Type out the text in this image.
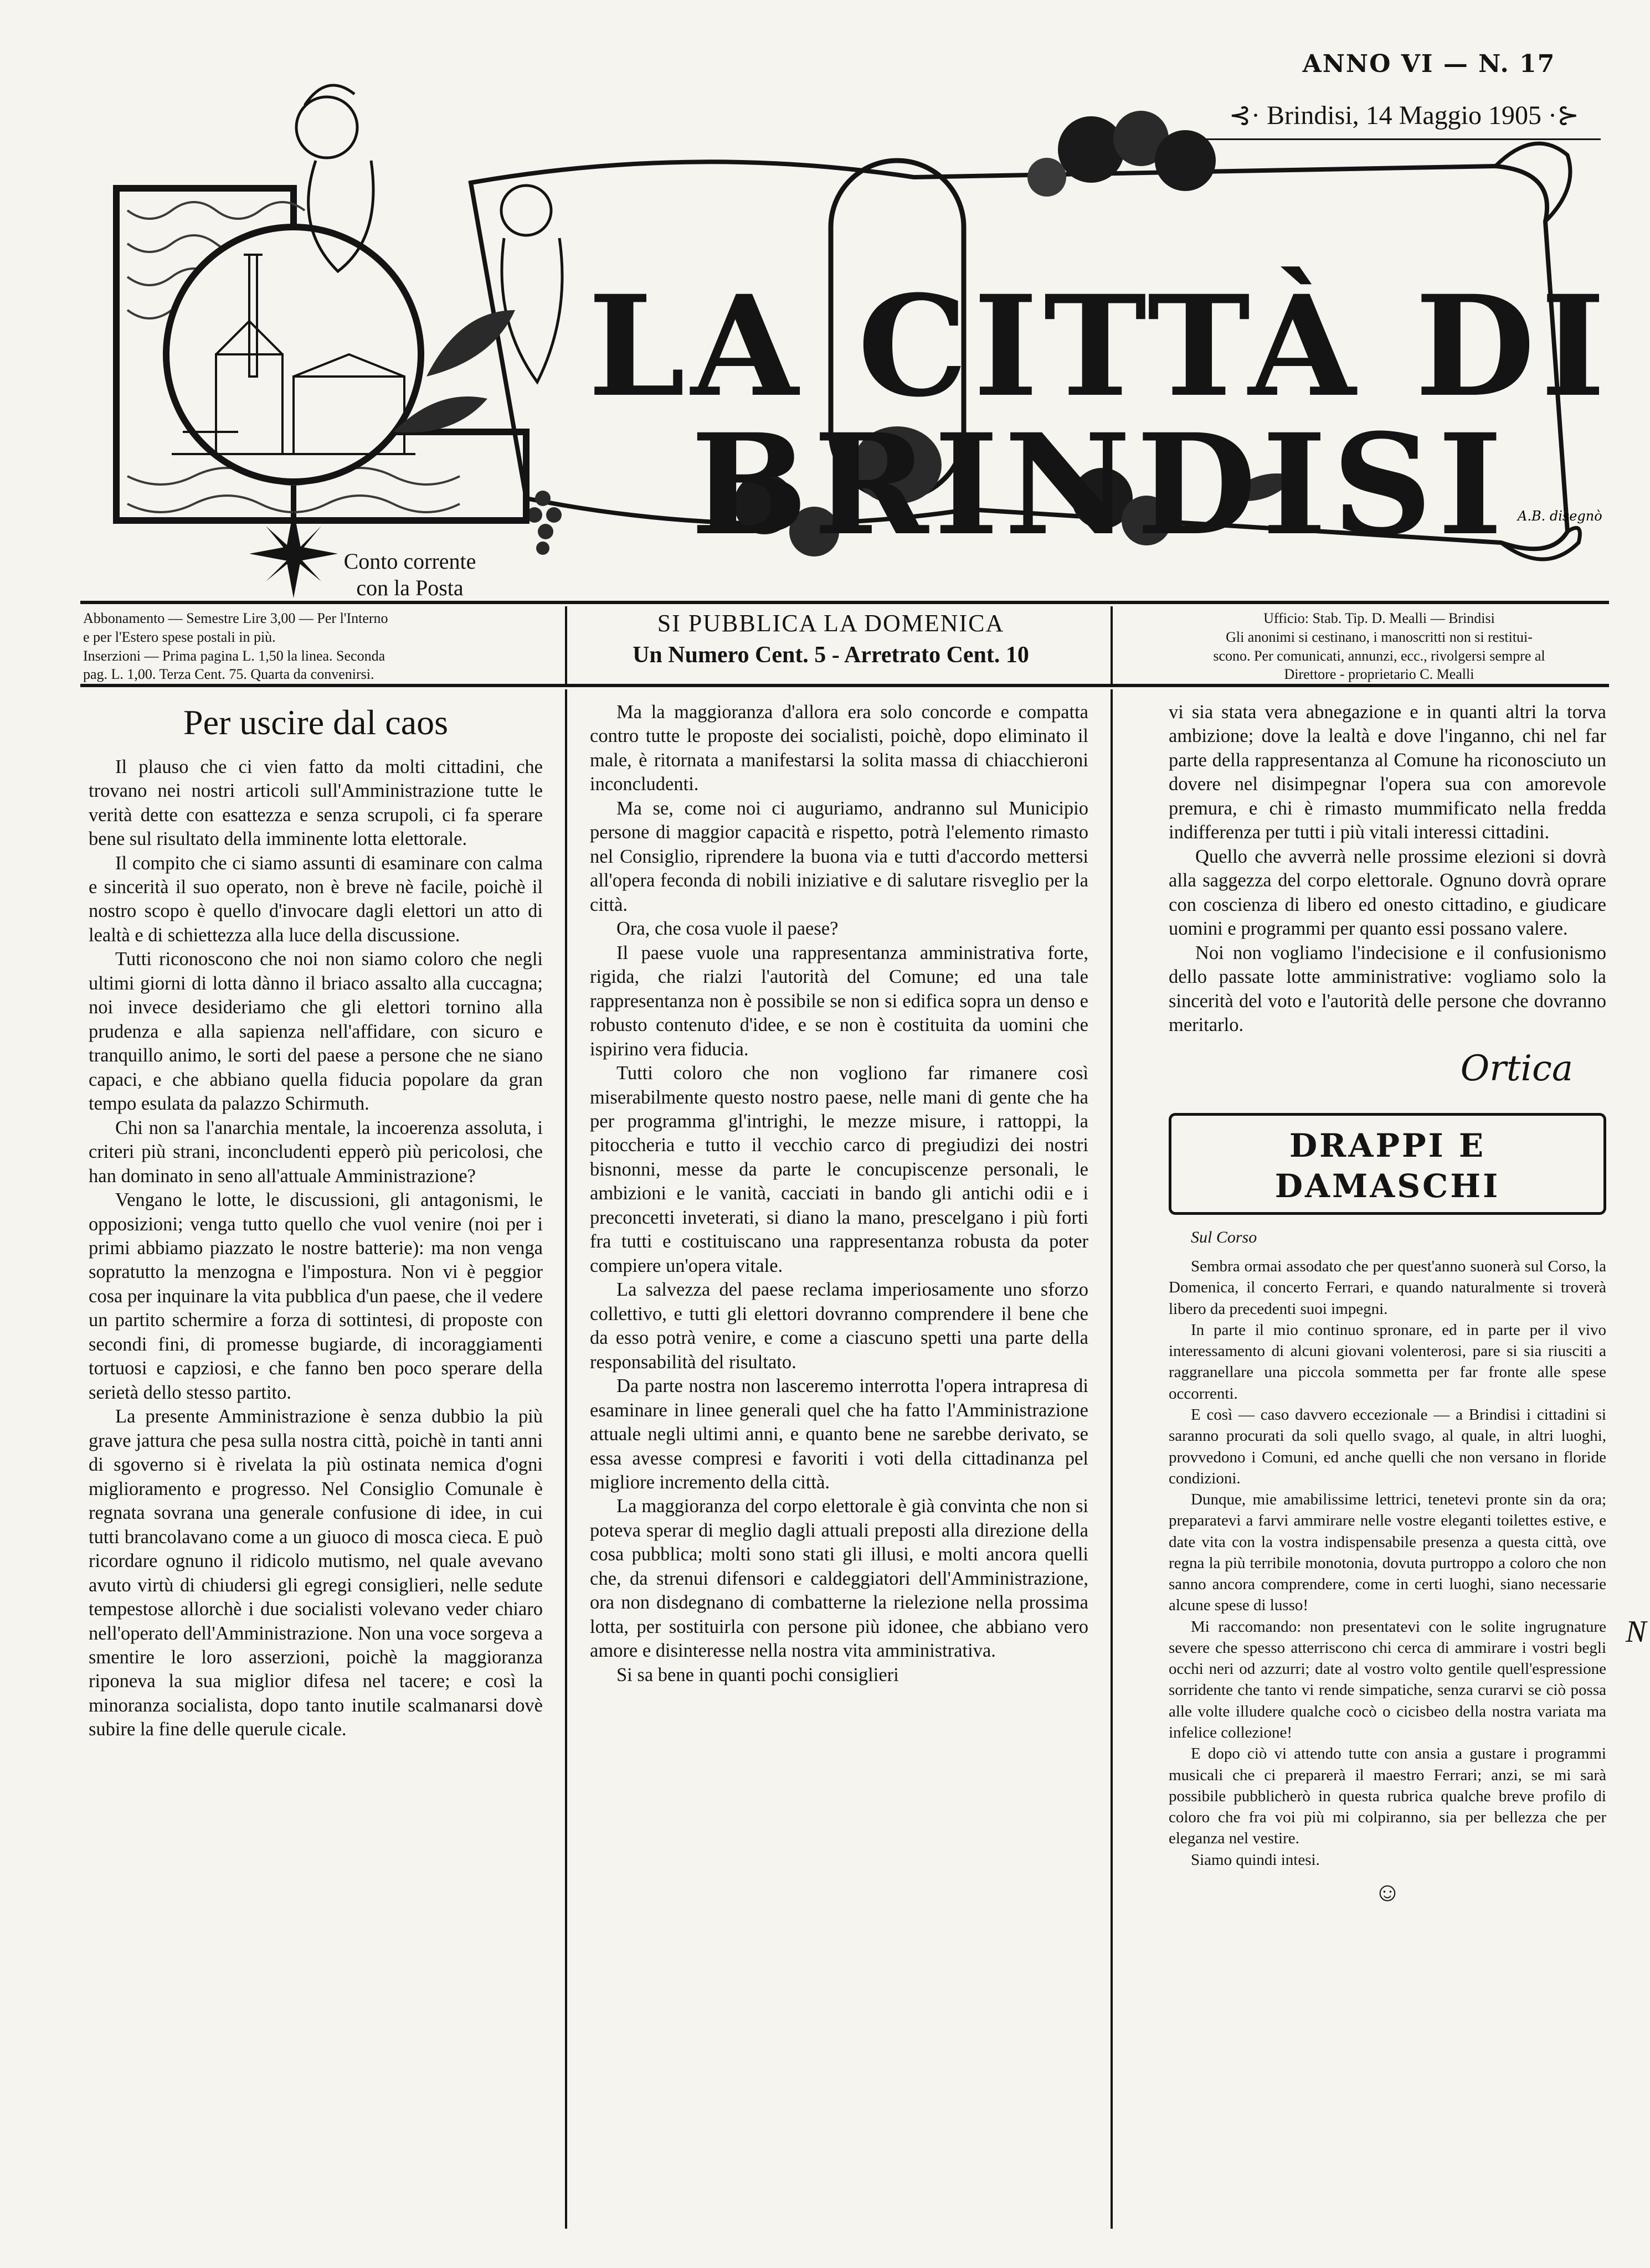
ANNO VI — N. 17
⊰· Brindisi, 14 Maggio 1905 ·⊱
A.B. disegnò
LA CITTÀ DI BRINDISI
Conto corrente
con la Posta
Abbonamento — Semestre Lire 3,00 — Per l'Interno
e per l'Estero spese postali in più.
Inserzioni — Prima pagina L. 1,50 la linea. Seconda
pag. L. 1,00. Terza Cent. 75. Quarta da convenirsi.
SI PUBBLICA LA DOMENICA
Un Numero Cent. 5 - Arretrato Cent. 10
Ufficio: Stab. Tip. D. Mealli — Brindisi
Gli anonimi si cestinano, i manoscritti non si restitui-
scono. Per comunicati, annunzi, ecc., rivolgersi sempre al
Direttore - proprietario C. Mealli
Per uscire dal caos

Il plauso che ci vien fatto da molti cittadini, che trovano nei nostri articoli sull'Amministrazione tutte le verità dette con esattezza e senza scrupoli, ci fa sperare bene sul risultato della imminente lotta elettorale.

Il compito che ci siamo assunti di esaminare con calma e sincerità il suo operato, non è breve nè facile, poichè il nostro scopo è quello d'invocare dagli elettori un atto di lealtà e di schiettezza alla luce della discussione.

Tutti riconoscono che noi non siamo coloro che negli ultimi giorni di lotta dànno il briaco assalto alla cuccagna; noi invece desideriamo che gli elettori tornino alla prudenza e alla sapienza nell'affidare, con sicuro e tranquillo animo, le sorti del paese a persone che ne siano capaci, e che abbiano quella fiducia popolare da gran tempo esulata da palazzo Schirmuth.

Chi non sa l'anarchia mentale, la incoerenza assoluta, i criteri più strani, inconcludenti epperò più pericolosi, che han dominato in seno all'attuale Amministrazione?

Vengano le lotte, le discussioni, gli antagonismi, le opposizioni; venga tutto quello che vuol venire (noi per i primi abbiamo piazzato le nostre batterie): ma non venga sopratutto la menzogna e l'impostura. Non vi è peggior cosa per inquinare la vita pubblica d'un paese, che il vedere un partito schermire a forza di sottintesi, di proposte con secondi fini, di promesse bugiarde, di incoraggiamenti tortuosi e capziosi, e che fanno ben poco sperare della serietà dello stesso partito.

La presente Amministrazione è senza dubbio la più grave jattura che pesa sulla nostra città, poichè in tanti anni di sgoverno si è rivelata la più ostinata nemica d'ogni miglioramento e progresso. Nel Consiglio Comunale è regnata sovrana una generale confusione di idee, in cui tutti brancolavano come a un giuoco di mosca cieca. E può ricordare ognuno il ridicolo mutismo, nel quale avevano avuto virtù di chiudersi gli egregi consiglieri, nelle sedute tempestose allorchè i due socialisti volevano veder chiaro nell'operato dell'Amministrazione. Non una voce sorgeva a smentire le loro asserzioni, poichè la maggioranza riponeva la sua miglior difesa nel tacere; e così la minoranza socialista, dopo tanto inutile scalmanarsi dovè subire la fine delle querule cicale.

Ma la maggioranza d'allora era solo concorde e compatta contro tutte le proposte dei socialisti, poichè, dopo eliminato il male, è ritornata a manifestarsi la solita massa di chiacchieroni inconcludenti.

Ma se, come noi ci auguriamo, andranno sul Municipio persone di maggior capacità e rispetto, potrà l'elemento rimasto nel Consiglio, riprendere la buona via e tutti d'accordo mettersi all'opera feconda di nobili iniziative e di salutare risveglio per la città.

Ora, che cosa vuole il paese?

Il paese vuole una rappresentanza amministrativa forte, rigida, che rialzi l'autorità del Comune; ed una tale rappresentanza non è possibile se non si edifica sopra un denso e robusto contenuto d'idee, e se non è costituita da uomini che ispirino vera fiducia.

Tutti coloro che non vogliono far rimanere così miserabilmente questo nostro paese, nelle mani di gente che ha per programma gl'intrighi, le mezze misure, i rattoppi, la pitoccheria e tutto il vecchio carco di pregiudizi dei nostri bisnonni, messe da parte le concupiscenze personali, le ambizioni e le vanità, cacciati in bando gli antichi odii e i preconcetti inveterati, si diano la mano, prescelgano i più forti fra tutti e costituiscano una rappresentanza robusta da poter compiere un'opera vitale.

La salvezza del paese reclama imperiosamente uno sforzo collettivo, e tutti gli elettori dovranno comprendere il bene che da esso potrà venire, e come a ciascuno spetti una parte della responsabilità del risultato.

Da parte nostra non lasceremo interrotta l'opera intrapresa di esaminare in linee generali quel che ha fatto l'Amministrazione attuale negli ultimi anni, e quanto bene ne sarebbe derivato, se essa avesse compresi e favoriti i voti della cittadinanza pel migliore incremento della città.

La maggioranza del corpo elettorale è già convinta che non si poteva sperar di meglio dagli attuali preposti alla direzione della cosa pubblica; molti sono stati gli illusi, e molti ancora quelli che, da strenui difensori e caldeggiatori dell'Amministrazione, ora non disdegnano di combatterne la rielezione nella prossima lotta, per sostituirla con persone più idonee, che abbiano vero amore e disinteresse nella nostra vita amministrativa.

Si sa bene in quanti pochi consiglieri

vi sia stata vera abnegazione e in quanti altri la torva ambizione; dove la lealtà e dove l'inganno, chi nel far parte della rappresentanza al Comune ha riconosciuto un dovere nel disimpegnar l'opera sua con amorevole premura, e chi è rimasto mummificato nella fredda indifferenza per tutti i più vitali interessi cittadini.

Quello che avverrà nelle prossime elezioni si dovrà alla saggezza del corpo elettorale. Ognuno dovrà oprare con coscienza di libero ed onesto cittadino, e giudicare uomini e programmi per quanto essi possano valere.

Noi non vogliamo l'indecisione e il confusionismo dello passate lotte amministrative: vogliamo solo la sincerità del voto e l'autorità delle persone che dovranno meritarlo.

Ortica
DRAPPI E DAMASCHI
Sul Corso

Sembra ormai assodato che per quest'anno suonerà sul Corso, la Domenica, il concerto Ferrari, e quando naturalmente si troverà libero da precedenti suoi impegni.

In parte il mio continuo spronare, ed in parte per il vivo interessamento di alcuni giovani volenterosi, pare si sia riusciti a raggranellare una piccola sommetta per far fronte alle spese occorrenti.

E così — caso davvero eccezionale — a Brindisi i cittadini si saranno procurati da soli quello svago, al quale, in altri luoghi, provvedono i Comuni, ed anche quelli che non versano in floride condizioni.

Dunque, mie amabilissime lettrici, tenetevi pronte sin da ora; preparatevi a farvi ammirare nelle vostre eleganti toilettes estive, e date vita con la vostra indispensabile presenza a questa città, ove regna la più terribile monotonia, dovuta purtroppo a coloro che non sanno ancora comprendere, come in certi luoghi, siano necessarie alcune spese di lusso!

Mi raccomando: non presentatevi con le solite ingrugnature severe che spesso atterriscono chi cerca di ammirare i vostri begli occhi neri od azzurri; date al vostro volto gentile quell'espressione sorridente che tanto vi rende simpatiche, senza curarvi se ciò possa alle volte illudere qualche cocò o cicisbeo della nostra variata ma infelice collezione!

E dopo ciò vi attendo tutte con ansia a gustare i programmi musicali che ci preparerà il maestro Ferrari; anzi, se mi sarà possibile pubblicherò in questa rubrica qualche breve profilo di coloro che fra voi più mi colpiranno, sia per bellezza che per eleganza nel vestire.

Siamo quindi intesi.

☺
N
